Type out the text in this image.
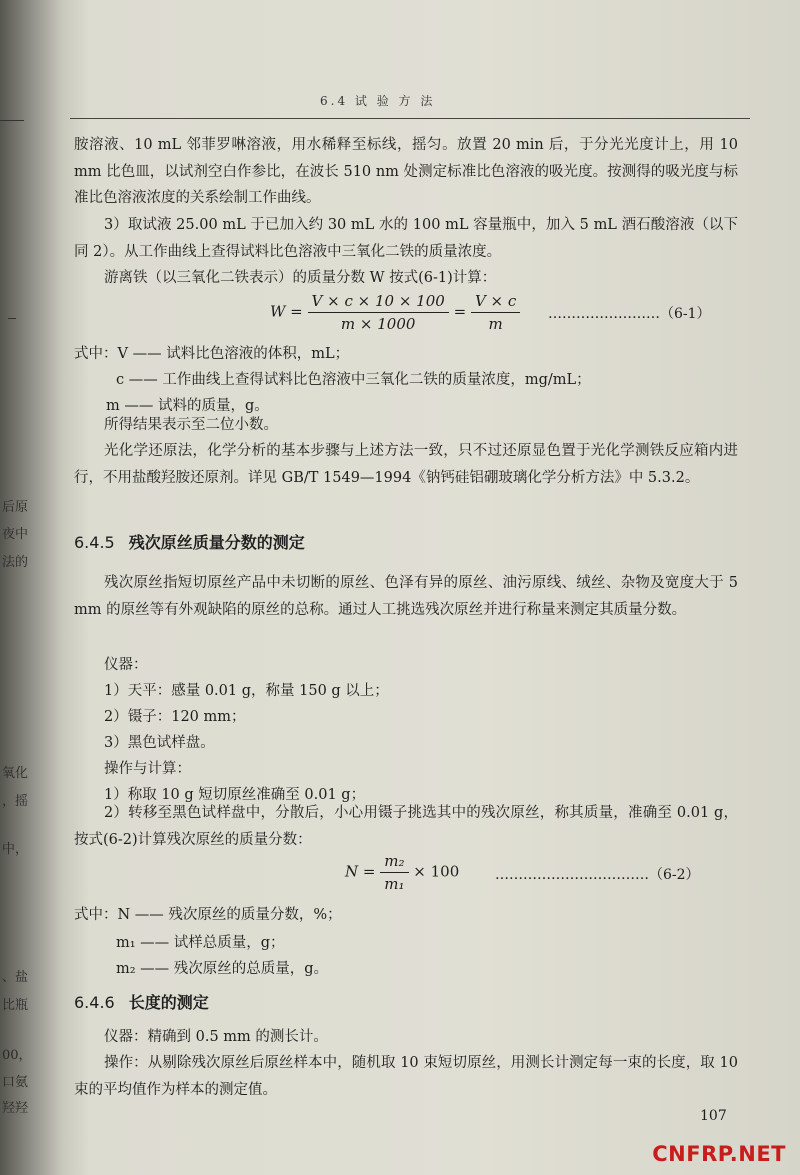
后原
夜中
法的
氧化
，摇
中，
、盐
比瓶
00，
口氨
羟羟
6.4 试 验 方 法
胺溶液、10 mL 邻菲罗啉溶液，用水稀释至标线，摇匀。放置 20 min 后，于分光光度计上，用 10 mm 比色皿，以试剂空白作参比，在波长 510 nm 处测定标准比色溶液的吸光度。按测得的吸光度与标准比色溶液浓度的关系绘制工作曲线。
3）取试液 25.00 mL 于已加入约 30 mL 水的 100 mL 容量瓶中，加入 5 mL 酒石酸溶液（以下同 2）。从工作曲线上查得试料比色溶液中三氧化二铁的质量浓度。
游离铁（以三氧化二铁表示）的质量分数 W 按式(6-1)计算：
$W = \frac{V \times c \times 10 \times 100}{m \times 1000} = \frac{V \times c}{m}$ ……………………（6-1）
式中：V —— 试料比色溶液的体积，mL；
c —— 工作曲线上查得试料比色溶液中三氧化二铁的质量浓度，mg/mL；
m —— 试料的质量，g。
所得结果表示至二位小数。
光化学还原法，化学分析的基本步骤与上述方法一致，只不过还原显色置于光化学测铁反应箱内进行，不用盐酸羟胺还原剂。详见 GB/T 1549—1994《钠钙硅铝硼玻璃化学分析方法》中 5.3.2。
6.4.5 残次原丝质量分数的测定
残次原丝指短切原丝产品中未切断的原丝、色泽有异的原丝、油污原线、绒丝、杂物及宽度大于 5 mm 的原丝等有外观缺陷的原丝的总称。通过人工挑选残次原丝并进行称量来测定其质量分数。
仪器：
1）天平：感量 0.01 g，称量 150 g 以上；
2）镊子：120 mm；
3）黑色试样盘。
操作与计算：
1）称取 10 g 短切原丝准确至 0.01 g；
2）转移至黑色试样盘中，分散后，小心用镊子挑选其中的残次原丝，称其质量，准确至 0.01 g，按式(6-2)计算残次原丝的质量分数：
$N = \frac{\text{m₂}}{\text{m₁}} \times 100$	……………………………（6-2）
式中：N —— 残次原丝的质量分数，%；
m₁ —— 试样总质量，g；
m₂ —— 残次原丝的总质量，g。
6.4.6 长度的测定
仪器：精确到 0.5 mm 的测长计。
操作：从剔除残次原丝后原丝样本中，随机取 10 束短切原丝，用测长计测定每一束的长度，取 10 束的平均值作为样本的测定值。
107
CNFRP.NET
